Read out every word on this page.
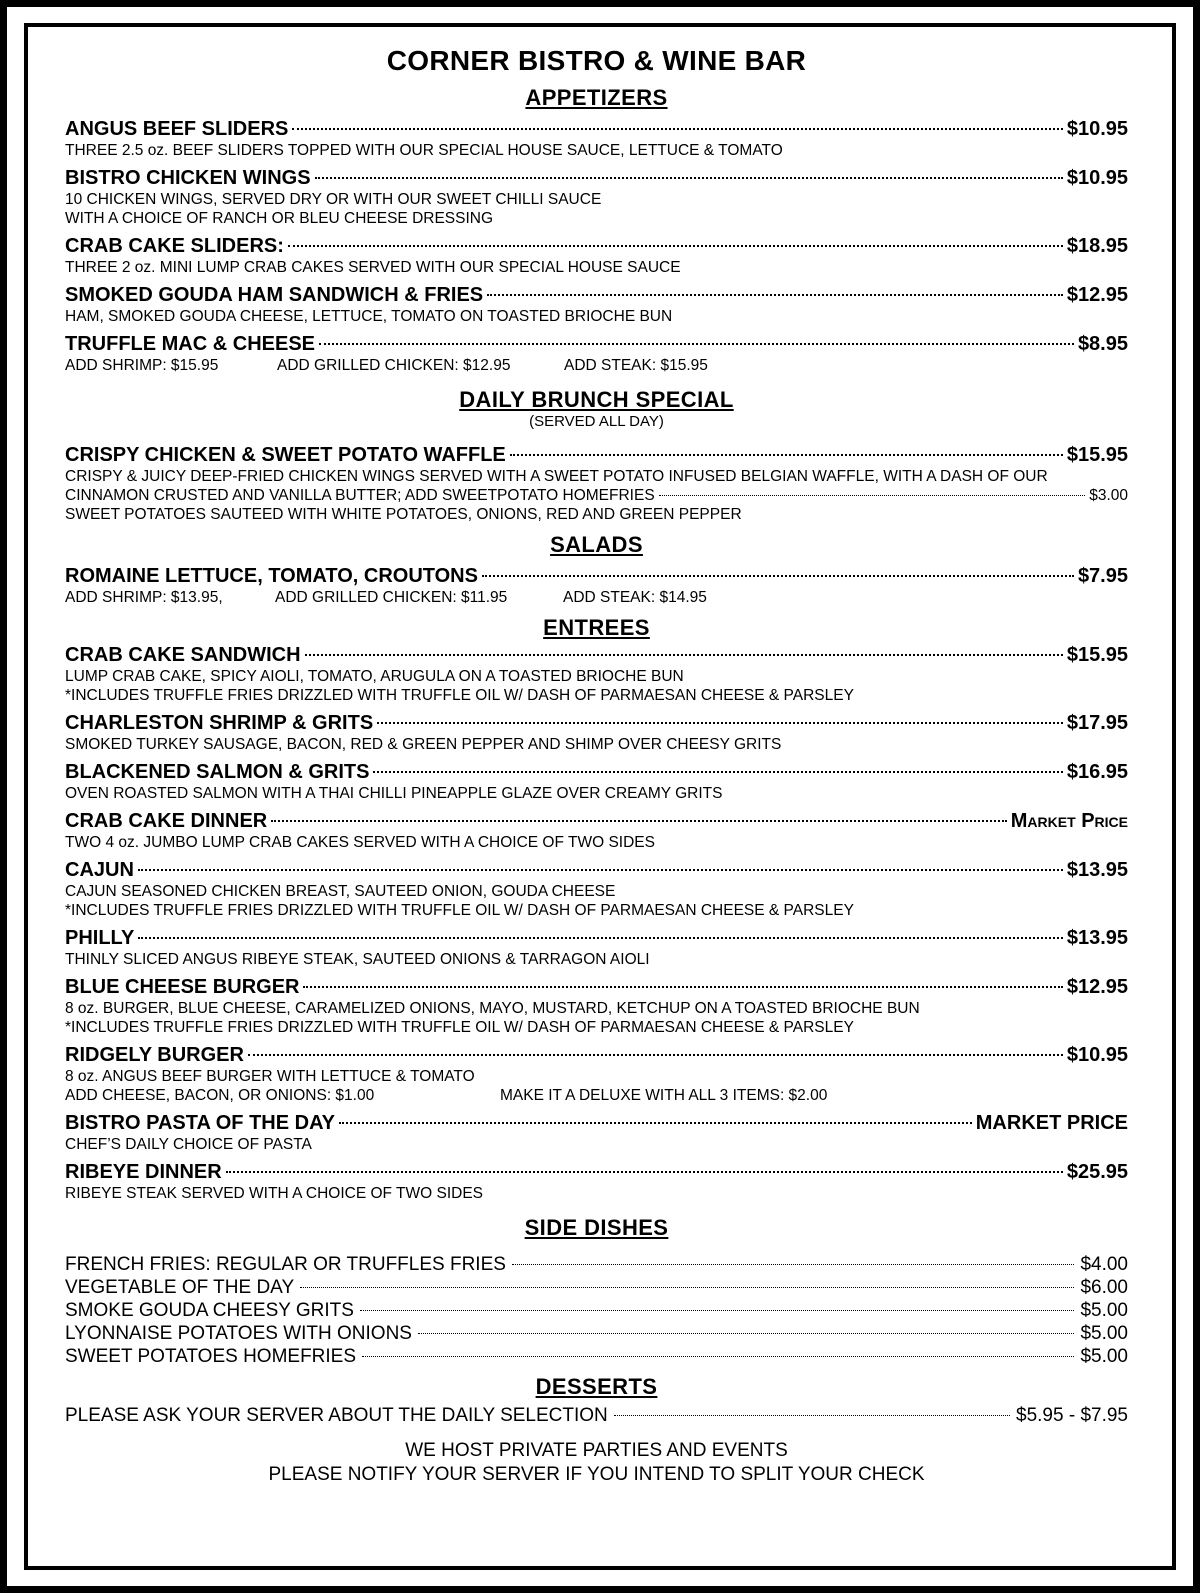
CORNER BISTRO & WINE BAR
APPETIZERS
ANGUS BEEF SLIDERS	$10.95
THREE 2.5 oz. BEEF SLIDERS TOPPED WITH OUR SPECIAL HOUSE SAUCE, LETTUCE & TOMATO
BISTRO CHICKEN WINGS	$10.95
10 CHICKEN WINGS, SERVED DRY OR WITH OUR SWEET CHILLI SAUCE
WITH A CHOICE OF RANCH OR BLEU CHEESE DRESSING
CRAB CAKE SLIDERS:	$18.95
THREE 2 oz. MINI LUMP CRAB CAKES SERVED WITH OUR SPECIAL HOUSE SAUCE
SMOKED GOUDA HAM SANDWICH & FRIES	$12.95
HAM, SMOKED GOUDA CHEESE, LETTUCE, TOMATO ON TOASTED BRIOCHE BUN
TRUFFLE MAC & CHEESE	$8.95
ADD SHRIMP: $15.95	ADD GRILLED CHICKEN: $12.95	ADD STEAK: $15.95
DAILY BRUNCH SPECIAL
(SERVED ALL DAY)
CRISPY CHICKEN & SWEET POTATO WAFFLE	$15.95
CRISPY & JUICY DEEP-FRIED CHICKEN WINGS SERVED WITH A SWEET POTATO INFUSED BELGIAN WAFFLE, WITH A DASH OF OUR
CINNAMON CRUSTED AND VANILLA BUTTER; ADD SWEETPOTATO HOMEFRIES	$3.00
SWEET POTATOES SAUTEED WITH WHITE POTATOES, ONIONS, RED AND GREEN PEPPER
SALADS
ROMAINE LETTUCE, TOMATO, CROUTONS	$7.95
ADD SHRIMP: $13.95,	ADD GRILLED CHICKEN: $11.95	ADD STEAK: $14.95
ENTREES
CRAB CAKE SANDWICH	$15.95
LUMP CRAB CAKE, SPICY AIOLI, TOMATO, ARUGULA ON A TOASTED BRIOCHE BUN
*INCLUDES TRUFFLE FRIES DRIZZLED WITH TRUFFLE OIL W/ DASH OF PARMAESAN CHEESE & PARSLEY
CHARLESTON SHRIMP & GRITS	$17.95
SMOKED TURKEY SAUSAGE, BACON, RED & GREEN PEPPER AND SHIMP OVER CHEESY GRITS
BLACKENED SALMON & GRITS	$16.95
OVEN ROASTED SALMON WITH A THAI CHILLI PINEAPPLE GLAZE OVER CREAMY GRITS
CRAB CAKE DINNER	Market Price
TWO 4 oz. JUMBO LUMP CRAB CAKES SERVED WITH A CHOICE OF TWO SIDES
CAJUN	$13.95
CAJUN SEASONED CHICKEN BREAST, SAUTEED ONION, GOUDA CHEESE
*INCLUDES TRUFFLE FRIES DRIZZLED WITH TRUFFLE OIL W/ DASH OF PARMAESAN CHEESE & PARSLEY
PHILLY	$13.95
THINLY SLICED ANGUS RIBEYE STEAK, SAUTEED ONIONS & TARRAGON AIOLI
BLUE CHEESE BURGER	$12.95
8 oz. BURGER, BLUE CHEESE, CARAMELIZED ONIONS, MAYO, MUSTARD, KETCHUP ON A TOASTED BRIOCHE BUN
*INCLUDES TRUFFLE FRIES DRIZZLED WITH TRUFFLE OIL W/ DASH OF PARMAESAN CHEESE & PARSLEY
RIDGELY BURGER	$10.95
8 oz. ANGUS BEEF BURGER WITH LETTUCE & TOMATO
ADD CHEESE, BACON, OR ONIONS: $1.00	MAKE IT A DELUXE WITH ALL 3 ITEMS: $2.00
BISTRO PASTA OF THE DAY	MARKET PRICE
CHEF’S DAILY CHOICE OF PASTA
RIBEYE DINNER	$25.95
RIBEYE STEAK SERVED WITH A CHOICE OF TWO SIDES
SIDE DISHES
FRENCH FRIES: REGULAR OR TRUFFLES FRIES	$4.00
VEGETABLE OF THE DAY	$6.00
SMOKE GOUDA CHEESY GRITS	$5.00
LYONNAISE POTATOES WITH ONIONS	$5.00
SWEET POTATOES HOMEFRIES	$5.00
DESSERTS
PLEASE ASK YOUR SERVER ABOUT THE DAILY SELECTION	$5.95 - $7.95
WE HOST PRIVATE PARTIES AND EVENTS
PLEASE NOTIFY YOUR SERVER IF YOU INTEND TO SPLIT YOUR CHECK
